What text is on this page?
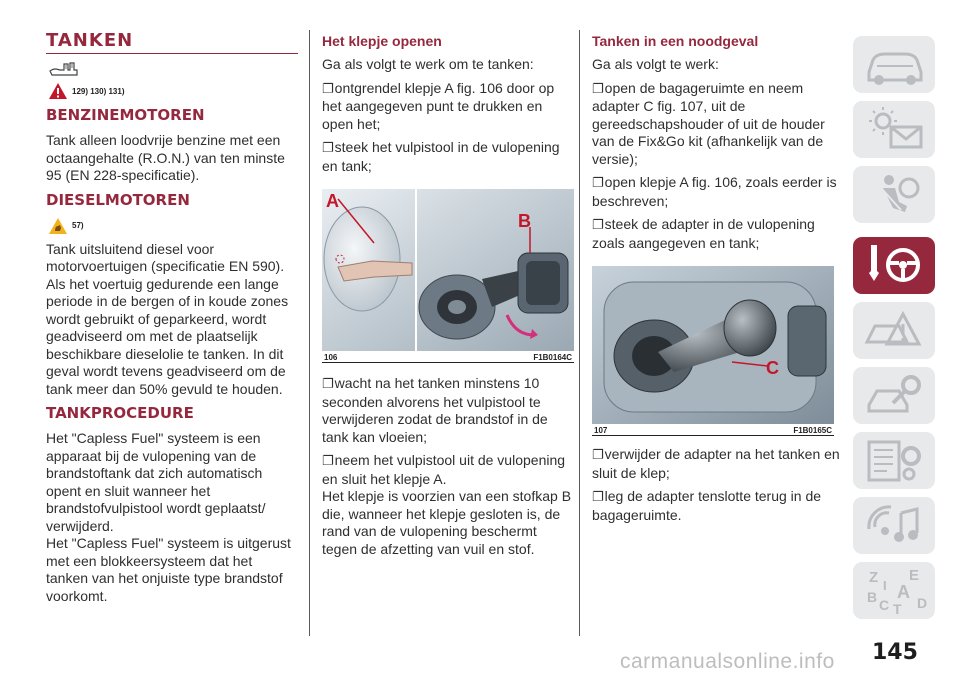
TANKEN
129) 130) 131)
BENZINEMOTOREN

Tank alleen loodvrije benzine met een octaangehalte (R.O.N.) van ten minste 95 (EN 228-specificatie).

DIESELMOTOREN
57)

Tank uitsluitend diesel voor motorvoertuigen (specificatie EN 590). Als het voertuig gedurende een lange periode in de bergen of in koude zones wordt gebruikt of geparkeerd, wordt geadviseerd om met de plaatselijk beschikbare dieselolie te tanken. In dit geval wordt tevens geadviseerd om de tank meer dan 50% gevuld te houden.

TANKPROCEDURE

Het "Capless Fuel" systeem is een apparaat bij de vulopening van de brandstoftank dat zich automatisch opent en sluit wanneer het brandstofvulpistool wordt geplaatst/ verwijderd.

Het "Capless Fuel" systeem is uitgerust met een blokkeersysteem dat het tanken van het onjuiste type brandstof voorkomt.

Het klepje openen

Ga als volgt te werk om te tanken:

❐ontgrendel klepje A fig. 106 door op het aangegeven punt te drukken en open het;

❐steek het vulpistool in de vulopening en tank;

A
B
106	F1B0164C

❐wacht na het tanken minstens 10 seconden alvorens het vulpistool te verwijderen zodat de brandstof in de tank kan vloeien;

❐neem het vulpistool uit de vulopening en sluit het klepje A.

Het klepje is voorzien van een stofkap B die, wanneer het klepje gesloten is, de rand van de vulopening beschermt tegen de afzetting van vuil en stof.

Tanken in een noodgeval

Ga als volgt te werk:

❐open de bagageruimte en neem adapter C fig. 107, uit de gereedschapshouder of uit de houder van de Fix&Go kit (afhankelijk van de versie);

❐open klepje A fig. 106, zoals eerder is beschreven;

❐steek de adapter in de vulopening zoals aangegeven en tank;

C
107	F1B0165C

❐verwijder de adapter na het tanken en sluit de klep;

❐leg de adapter tenslotte terug in de bagageruimte.

Z E
A
B C D
T
I
carmanualsonline.info 145
